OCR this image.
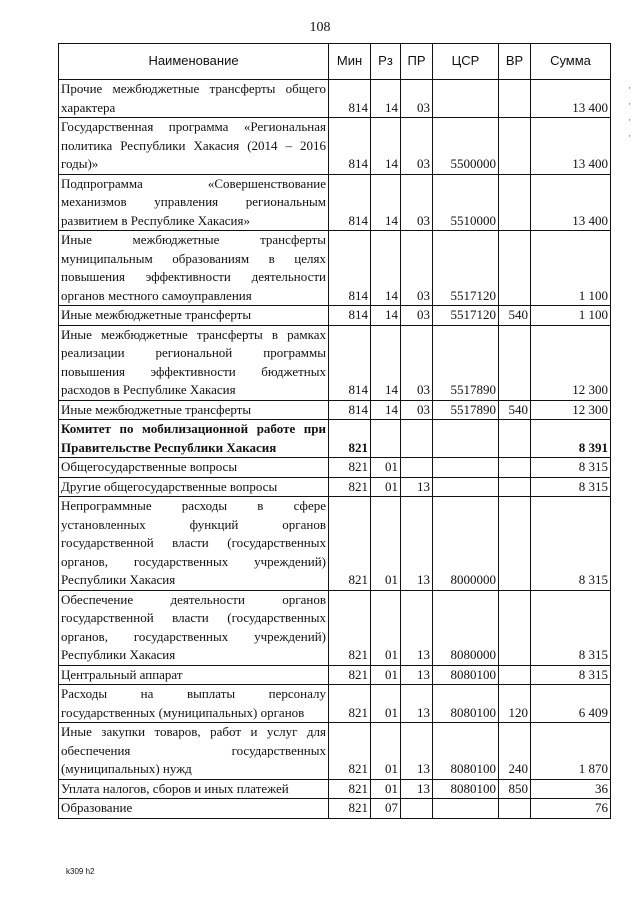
108
Наименование	Мин	Рз	ПР	ЦСР	ВР	Сумма
Прочие межбюджетные трансферты общего характера	814	14	03			13 400
Государственная программа «Региональная политика Республики Хакасия (2014 – 2016 годы)»	814	14	03	5500000		13 400
Подпрограмма «Совершенствование механизмов управления региональным развитием в Республике Хакасия»	814	14	03	5510000		13 400
Иные межбюджетные трансферты муниципальным образованиям в целях повышения эффективности деятельности органов местного самоуправления	814	14	03	5517120		1 100
Иные межбюджетные трансферты	814	14	03	5517120	540	1 100
Иные межбюджетные трансферты в рамках реализации региональной программы повышения эффективности бюджетных расходов в Республике Хакасия	814	14	03	5517890		12 300
Иные межбюджетные трансферты	814	14	03	5517890	540	12 300
Комитет по мобилизационной работе при Правительстве Республики Хакасия	821					8 391
Общегосударственные вопросы	821	01				8 315
Другие общегосударственные вопросы	821	01	13			8 315
Непрограммные расходы в сфере установленных функций органов государственной власти (государственных органов, государственных учреждений) Республики Хакасия	821	01	13	8000000		8 315
Обеспечение деятельности органов государственной власти (государственных органов, государственных учреждений) Республики Хакасия	821	01	13	8080000		8 315
Центральный аппарат	821	01	13	8080100		8 315
Расходы на выплаты персоналу государственных (муниципальных) органов	821	01	13	8080100	120	6 409
Иные закупки товаров, работ и услуг для обеспечения государственных (муниципальных) нужд	821	01	13	8080100	240	1 870
Уплата налогов, сборов и иных платежей	821	01	13	8080100	850	36
Образование	821	07				76
·
·
·
·
k309 h2
